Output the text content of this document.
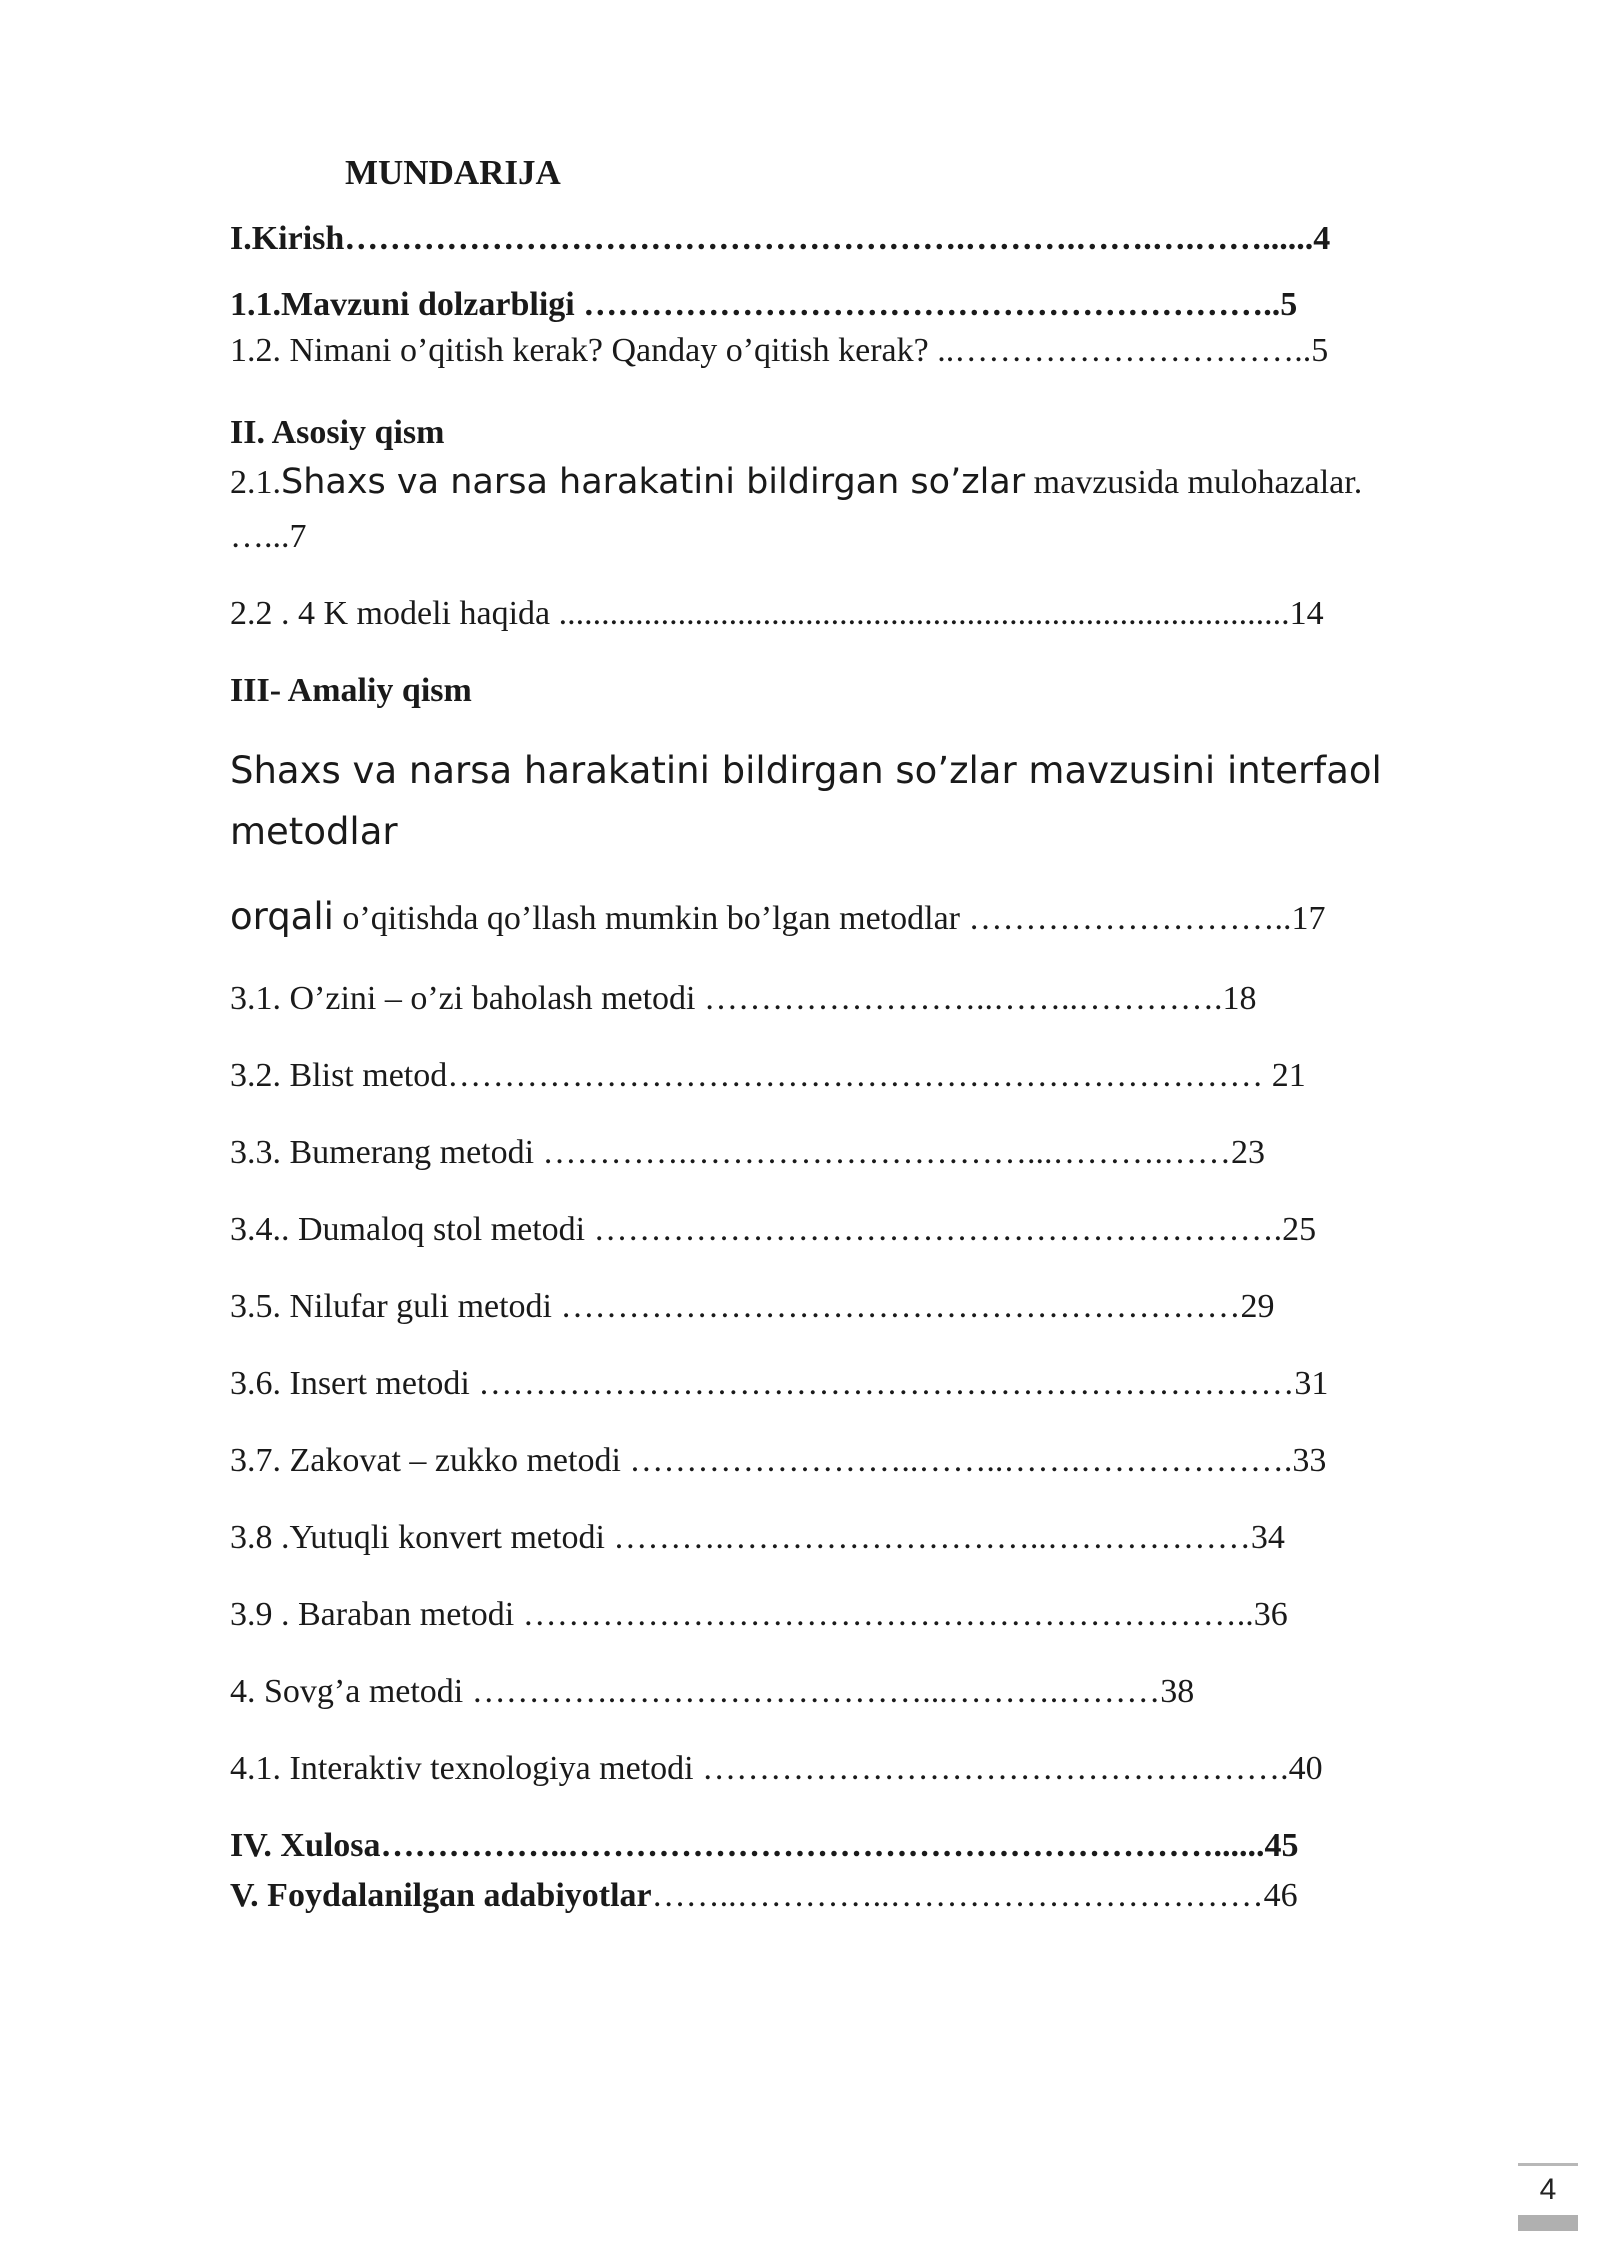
MUNDARIJA
I.Kirish……………………………………………….……….…….….……......4
1.1.Mavzuni dolzarbligi ……………………………………………………..5
1.2. Nimani o’qitish kerak? Qanday o’qitish kerak? ..…………………………..5
II. Asosiy qism
2.1.Shaxs va narsa harakatini bildirgan so’zlar mavzusida mulohazalar.
…...7
2.2 . 4 K modeli haqida ......................................................................................14
III- Amaliy qism
Shaxs va narsa harakatini bildirgan so’zlar mavzusini interfaol
metodlar
orqali o’qitishda qo’llash mumkin bo’lgan metodlar ………………………..17
3.1. O’zini – o’zi baholash metodi ……………………..……..………….18
3.2. Blist metod……………………………………………………………… 21
3.3. Bumerang metodi ………….…………………………...……….……23
3.4.. Dumaloq stol metodi …………………………………………………….25
3.5. Nilufar guli metodi ……………………………………………………29
3.6. Insert metodi ………………………………………………………………31
3.7. Zakovat – zukko metodi ……………………..……..…….……………….33
3.8 .Yutuqli konvert metodi ……….………………………..………………34
3.9 . Baraban metodi ………………………………………………………..36
4. Sovg’a metodi ………….………………………...……….………38
4.1. Interaktiv texnologiya metodi …………………………………………….40
IV. Xulosa……………..…………………………………………………......45
V. Foydalanilgan adabiyotlar……..…………..……………………………46
4
